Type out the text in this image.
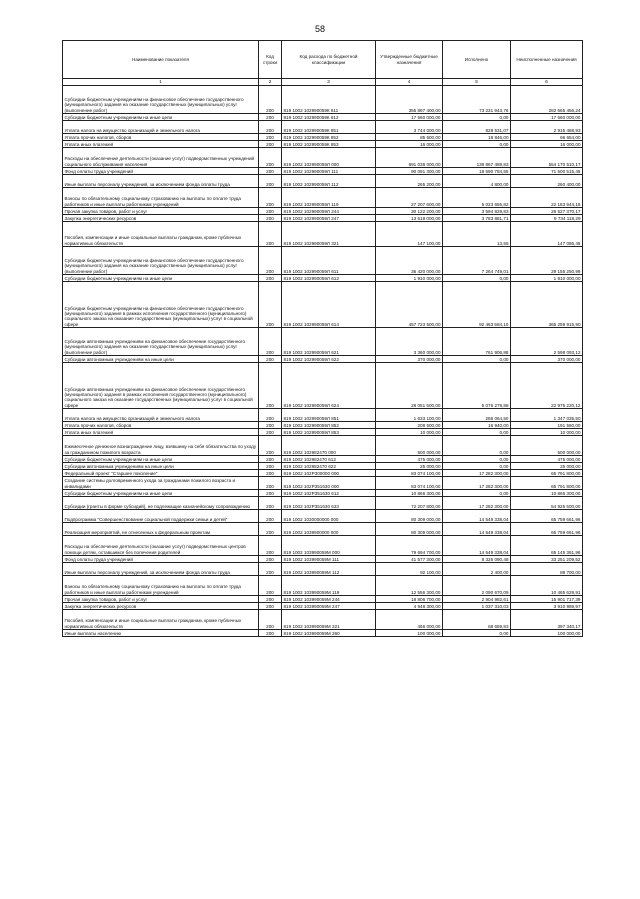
58
Наименование показателя	Код строки	Код расхода по бюджетной классификации	Утвержденные бюджетные назначения	Исполнено	Неисполненные назначения
1	2	3	4	5	6
Субсидии бюджетным учреждениям на финансовое обеспечение государственного (муниципального) задания на оказание государственных (муниципальных) услуг (выполнение работ)	200	819 1002 102990059К 611	355 897 400,00	73 231 943,76	282 665 456,24
Субсидии бюджетным учреждениям на иные цели	200	819 1002 102990059К 612	17 560 000,00	0,00	17 560 000,00
Уплата налога на имущество организаций и земельного налога	200	819 1002 102990059К 851	3 744 000,00	828 531,07	2 915 468,93
Уплата прочих налогов, сборов	200	819 1002 102990059К 852	85 500,00	18 846,00	66 654,00
Уплата иных платежей	200	819 1002 102990059К 853	16 000,00	0,00	16 000,00
Расходы на обеспечение деятельности (оказание услуг) подведомственных учреждений социального обслуживания населения	200	819 1002 102990059Л 000	691 038 000,00	136 867 489,83	554 170 510,17
Фонд оплаты труда учреждений	200	819 1002 102990059Л 111	90 091 300,00	18 590 784,55	71 500 515,45
Иные выплаты персоналу учреждений, за исключением фонда оплаты труда	200	819 1002 102990059Л 112	265 200,00	4 800,00	260 400,00
Взносы по обязательному социальному страхованию на выплаты по оплате труда работников и иные выплаты работникам учреждений	200	819 1002 102990059Л 119	27 207 600,00	5 023 655,82	22 183 944,18
Прочая закупка товаров, работ и услуг	200	819 1002 102990059Л 244	30 122 200,00	3 594 829,83	26 527 370,17
Закупка энергетических ресурсов	200	819 1002 102990059Л 247	13 518 000,00	3 783 881,71	9 734 118,29
Пособия, компенсации и иные социальные выплаты гражданам, кроме публичных нормативных обязательств	200	819 1002 102990059Л 321	147 100,00	13,55	147 086,45
Субсидии бюджетным учреждениям на финансовое обеспечение государственного (муниципального) задания на оказание государственных (муниципальных) услуг (выполнение работ)	200	819 1002 102990059Л 611	36 420 000,00	7 264 749,01	29 155 250,99
Субсидии бюджетным учреждениям на иные цели	200	819 1002 102990059Л 612	1 910 000,00	0,00	1 910 000,00
Субсидии бюджетным учреждениям на финансовое обеспечение государственного (муниципального) задания в рамках исполнения государственного (муниципального) социального заказа на оказание государственных (муниципальных) услуг в социальной сфере	200	819 1002 102990059Л 614	457 723 500,00	92 463 584,10	365 259 915,90
Субсидии автономным учреждениям на финансовое обеспечение государственного (муниципального) задания на оказание государственных (муниципальных) услуг (выполнение работ)	200	819 1002 102990059Л 621	3 360 000,00	761 906,88	2 598 093,12
Субсидии автономным учреждениям на иные цели	200	819 1002 102990059Л 622	370 000,00	0,00	370 000,00
Субсидии автономным учреждениям на финансовое обеспечение государственного (муниципального) задания в рамках исполнения государственного (муниципального) социального заказа на оказание государственных (муниципальных) услуг в социальной сфере	200	819 1002 102990059Л 624	28 051 500,00	5 076 279,88	22 975 220,12
Уплата налога на имущество организаций и земельного налога	200	819 1002 102990059Л 851	1 633 100,00	286 064,50	1 347 035,50
Уплата прочих налогов, сборов	200	819 1002 102990059Л 852	208 500,00	16 940,00	191 560,00
Уплата иных платежей	200	819 1002 102990059Л 853	10 000,00	0,00	10 000,00
Ежемесячное денежное вознаграждение лицу, взявшему на себя обязательства по уходу за гражданином пожилого возраста	200	819 1002 102982470 000	500 000,00	0,00	500 000,00
Субсидии бюджетным учреждениям на иные цели	200	819 1002 102982470 612	475 000,00	0,00	475 000,00
Субсидии автономным учреждениям на иные цели	200	819 1002 102982470 622	25 000,00	0,00	25 000,00
Федеральный проект "Старшее поколение"	200	819 1002 102Р300000 000	83 074 100,00	17 282 300,00	65 791 800,00
Создание системы долговременного ухода за гражданами пожилого возраста и инвалидами	200	819 1002 102Р351630 000	83 074 100,00	17 282 300,00	65 791 800,00
Субсидии бюджетным учреждениям на иные цели	200	819 1002 102Р351630 612	10 866 300,00	0,00	10 866 300,00
Субсидии (гранты в форме субсидий), не подлежащие казначейскому сопровождению	200	819 1002 102Р351630 633	72 207 800,00	17 282 300,00	54 925 500,00
Подпрограмма "Совершенствование социальной поддержки семьи и детей"	200	819 1002 1030000000 000	80 309 000,00	14 549 338,04	65 759 661,96
Реализация мероприятий, не отнесенных к федеральным проектам	200	819 1002 1039900000 000	80 309 000,00	14 549 338,04	65 759 661,96
Расходы на обеспечение деятельности (оказание услуг) подведомственных центров помощи детям, оставшимся без попечения родителей	200	819 1002 103990059М 000	79 694 700,00	14 549 338,04	65 145 361,96
Фонд оплаты труда учреждений	200	819 1002 103990059М 111	41 577 300,00	8 326 090,48	33 251 209,52
Иные выплаты персоналу учреждений, за исключением фонда оплаты труда	200	819 1002 103990059М 112	92 100,00	2 400,00	89 700,00
Взносы по обязательному социальному страхованию на выплаты по оплате труда работников и иные выплаты работникам учреждений	200	819 1002 103990059М 119	12 556 300,00	2 090 670,09	10 465 629,91
Прочая закупка товаров, работ и услуг	200	819 1002 103990059М 244	18 806 700,00	2 904 982,61	15 901 717,39
Закупка энергетических ресурсов	200	819 1002 103990059М 247	4 948 300,00	1 037 310,03	3 910 989,97
Пособия, компенсации и иные социальные выплаты гражданам, кроме публичных нормативных обязательств	200	819 1002 103990059М 321	466 000,00	68 659,83	397 340,17
Иные выплаты населению	200	819 1002 103990059М 360	100 000,00	0,00	100 000,00
